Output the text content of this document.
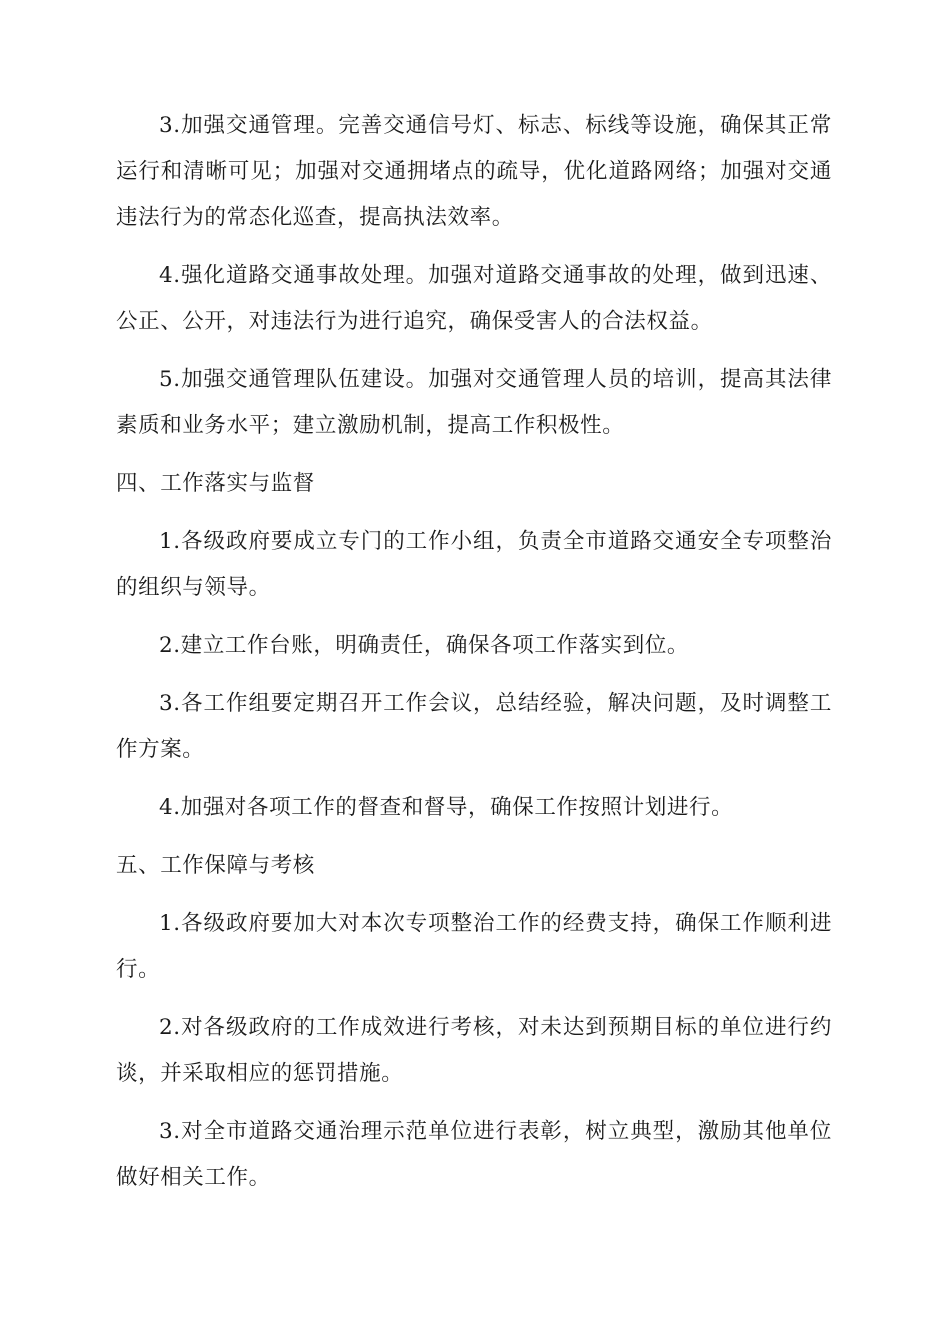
3.加强交通管理。完善交通信号灯、标志、标线等设施，确保其正常运行和清晰可见；加强对交通拥堵点的疏导，优化道路网络；加强对交通违法行为的常态化巡查，提高执法效率。

4.强化道路交通事故处理。加强对道路交通事故的处理，做到迅速、公正、公开，对违法行为进行追究，确保受害人的合法权益。

5.加强交通管理队伍建设。加强对交通管理人员的培训，提高其法律素质和业务水平；建立激励机制，提高工作积极性。

四、工作落实与监督

1.各级政府要成立专门的工作小组，负责全市道路交通安全专项整治的组织与领导。

2.建立工作台账，明确责任，确保各项工作落实到位。

3.各工作组要定期召开工作会议，总结经验，解决问题，及时调整工作方案。

4.加强对各项工作的督查和督导，确保工作按照计划进行。

五、工作保障与考核

1.各级政府要加大对本次专项整治工作的经费支持，确保工作顺利进行。

2.对各级政府的工作成效进行考核，对未达到预期目标的单位进行约谈，并采取相应的惩罚措施。

3.对全市道路交通治理示范单位进行表彰，树立典型，激励其他单位做好相关工作。
